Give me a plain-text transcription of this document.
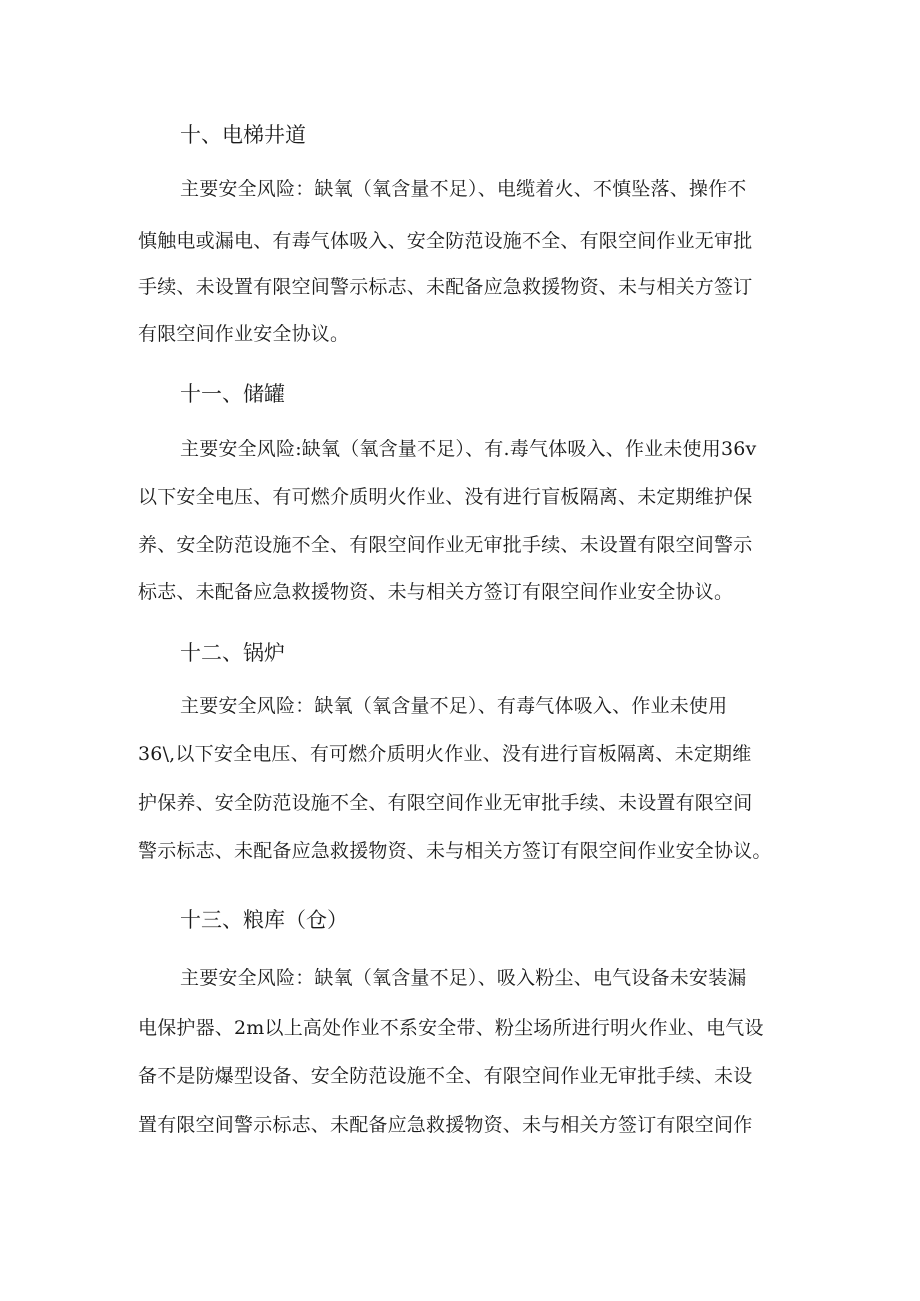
十、电梯井道
主要安全风险：缺氧（氧含量不足）、电缆着火、不慎坠落、操作不
慎触电或漏电、有毒气体吸入、安全防范设施不全、有限空间作业无审批
手续、未设置有限空间警示标志、未配备应急救援物资、未与相关方签订
有限空间作业安全协议。
十一、储罐
主要安全风险:缺氧（氧含量不足）、有.毒气体吸入、作业未使用36v
以下安全电压、有可燃介质明火作业、没有进行盲板隔离、未定期维护保
养、安全防范设施不全、有限空间作业无审批手续、未设置有限空间警示
标志、未配备应急救援物资、未与相关方签订有限空间作业安全协议。
十二、锅炉
主要安全风险：缺氧（氧含量不足）、有毒气体吸入、作业未使用
36\,以下安全电压、有可燃介质明火作业、没有进行盲板隔离、未定期维
护保养、安全防范设施不全、有限空间作业无审批手续、未设置有限空间
警示标志、未配备应急救援物资、未与相关方签订有限空间作业安全协议。
十三、粮库（仓）
主要安全风险：缺氧（氧含量不足）、吸入粉尘、电气设备未安装漏
电保护器、2m以上高处作业不系安全带、粉尘场所进行明火作业、电气设
备不是防爆型设备、安全防范设施不全、有限空间作业无审批手续、未设
置有限空间警示标志、未配备应急救援物资、未与相关方签订有限空间作
